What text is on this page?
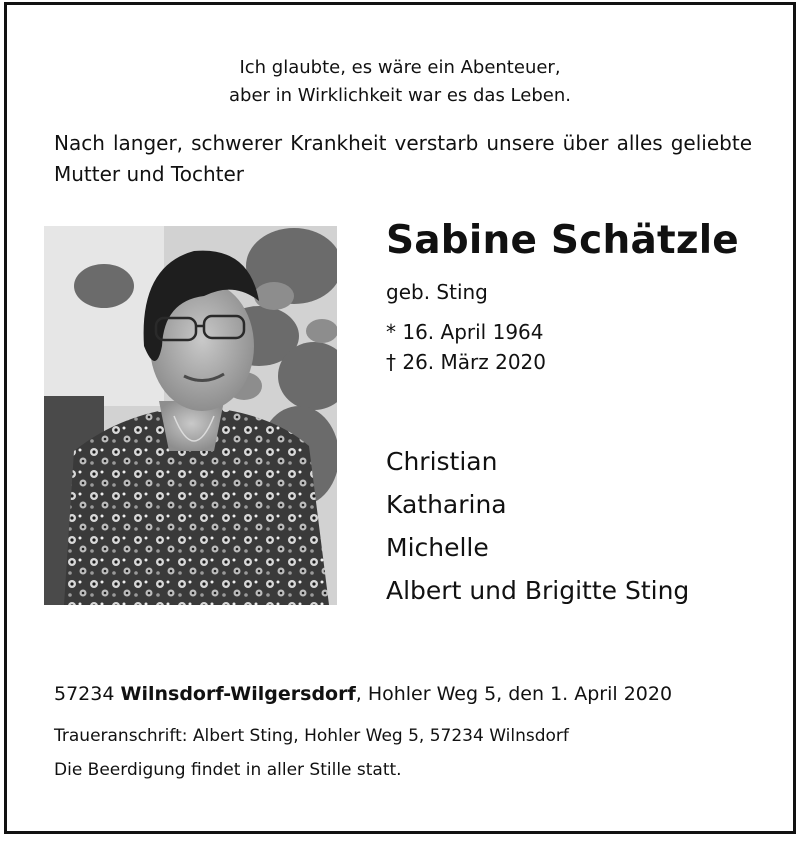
Ich glaubte, es wäre ein Abenteuer,
aber in Wirklichkeit war es das Leben.
Nach langer, schwerer Krankheit verstarb unsere über alles geliebte Mutter und Tochter
Sabine Schätzle
geb. Sting
* 16. April 1964
† 26. März 2020
Christian
Katharina
Michelle
Albert und Brigitte Sting
57234 Wilnsdorf-Wilgersdorf, Hohler Weg 5, den 1. April 2020
Traueranschrift: Albert Sting, Hohler Weg 5, 57234 Wilnsdorf
Die Beerdigung findet in aller Stille statt.
